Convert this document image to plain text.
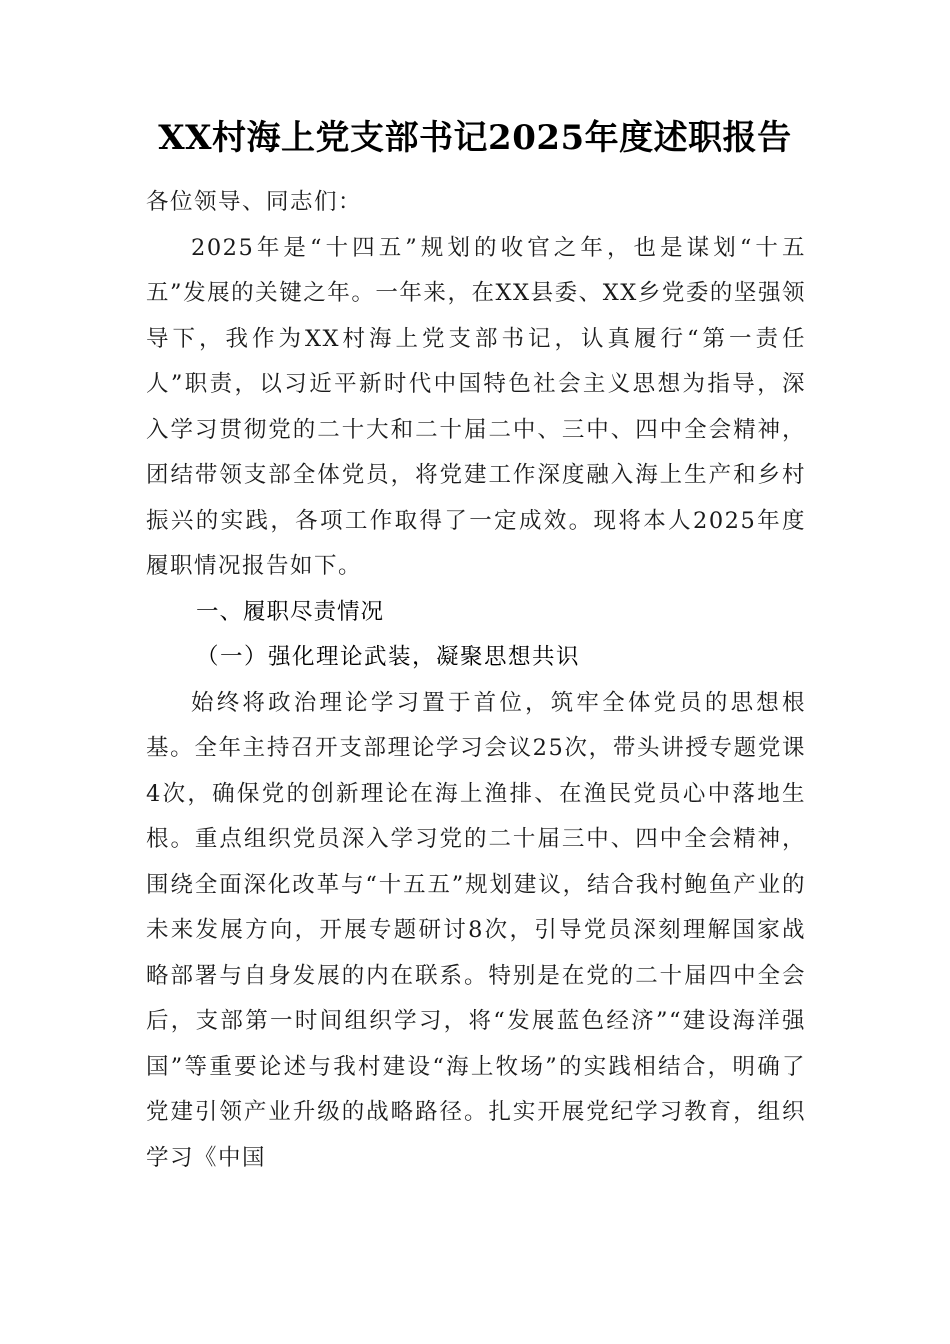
XX村海上党支部书记2025年度述职报告

各位领导、同志们：

2025年是“十四五”规划的收官之年，也是谋划“十五五”发展的关键之年。一年来，在XX县委、XX乡党委的坚强领导下，我作为XX村海上党支部书记，认真履行“第一责任人”职责，以习近平新时代中国特色社会主义思想为指导，深入学习贯彻党的二十大和二十届二中、三中、四中全会精神，团结带领支部全体党员，将党建工作深度融入海上生产和乡村振兴的实践，各项工作取得了一定成效。现将本人2025年度履职情况报告如下。

一、履职尽责情况

（一）强化理论武装，凝聚思想共识

始终将政治理论学习置于首位，筑牢全体党员的思想根基。全年主持召开支部理论学习会议25次，带头讲授专题党课4次，确保党的创新理论在海上渔排、在渔民党员心中落地生根。重点组织党员深入学习党的二十届三中、四中全会精神，围绕全面深化改革与“十五五”规划建议，结合我村鲍鱼产业的未来发展方向，开展专题研讨8次，引导党员深刻理解国家战略部署与自身发展的内在联系。特别是在党的二十届四中全会后，支部第一时间组织学习，将“发展蓝色经济”“建设海洋强国”等重要论述与我村建设“海上牧场”的实践相结合，明确了党建引领产业升级的战略路径。扎实开展党纪学习教育，组织学习《中国
